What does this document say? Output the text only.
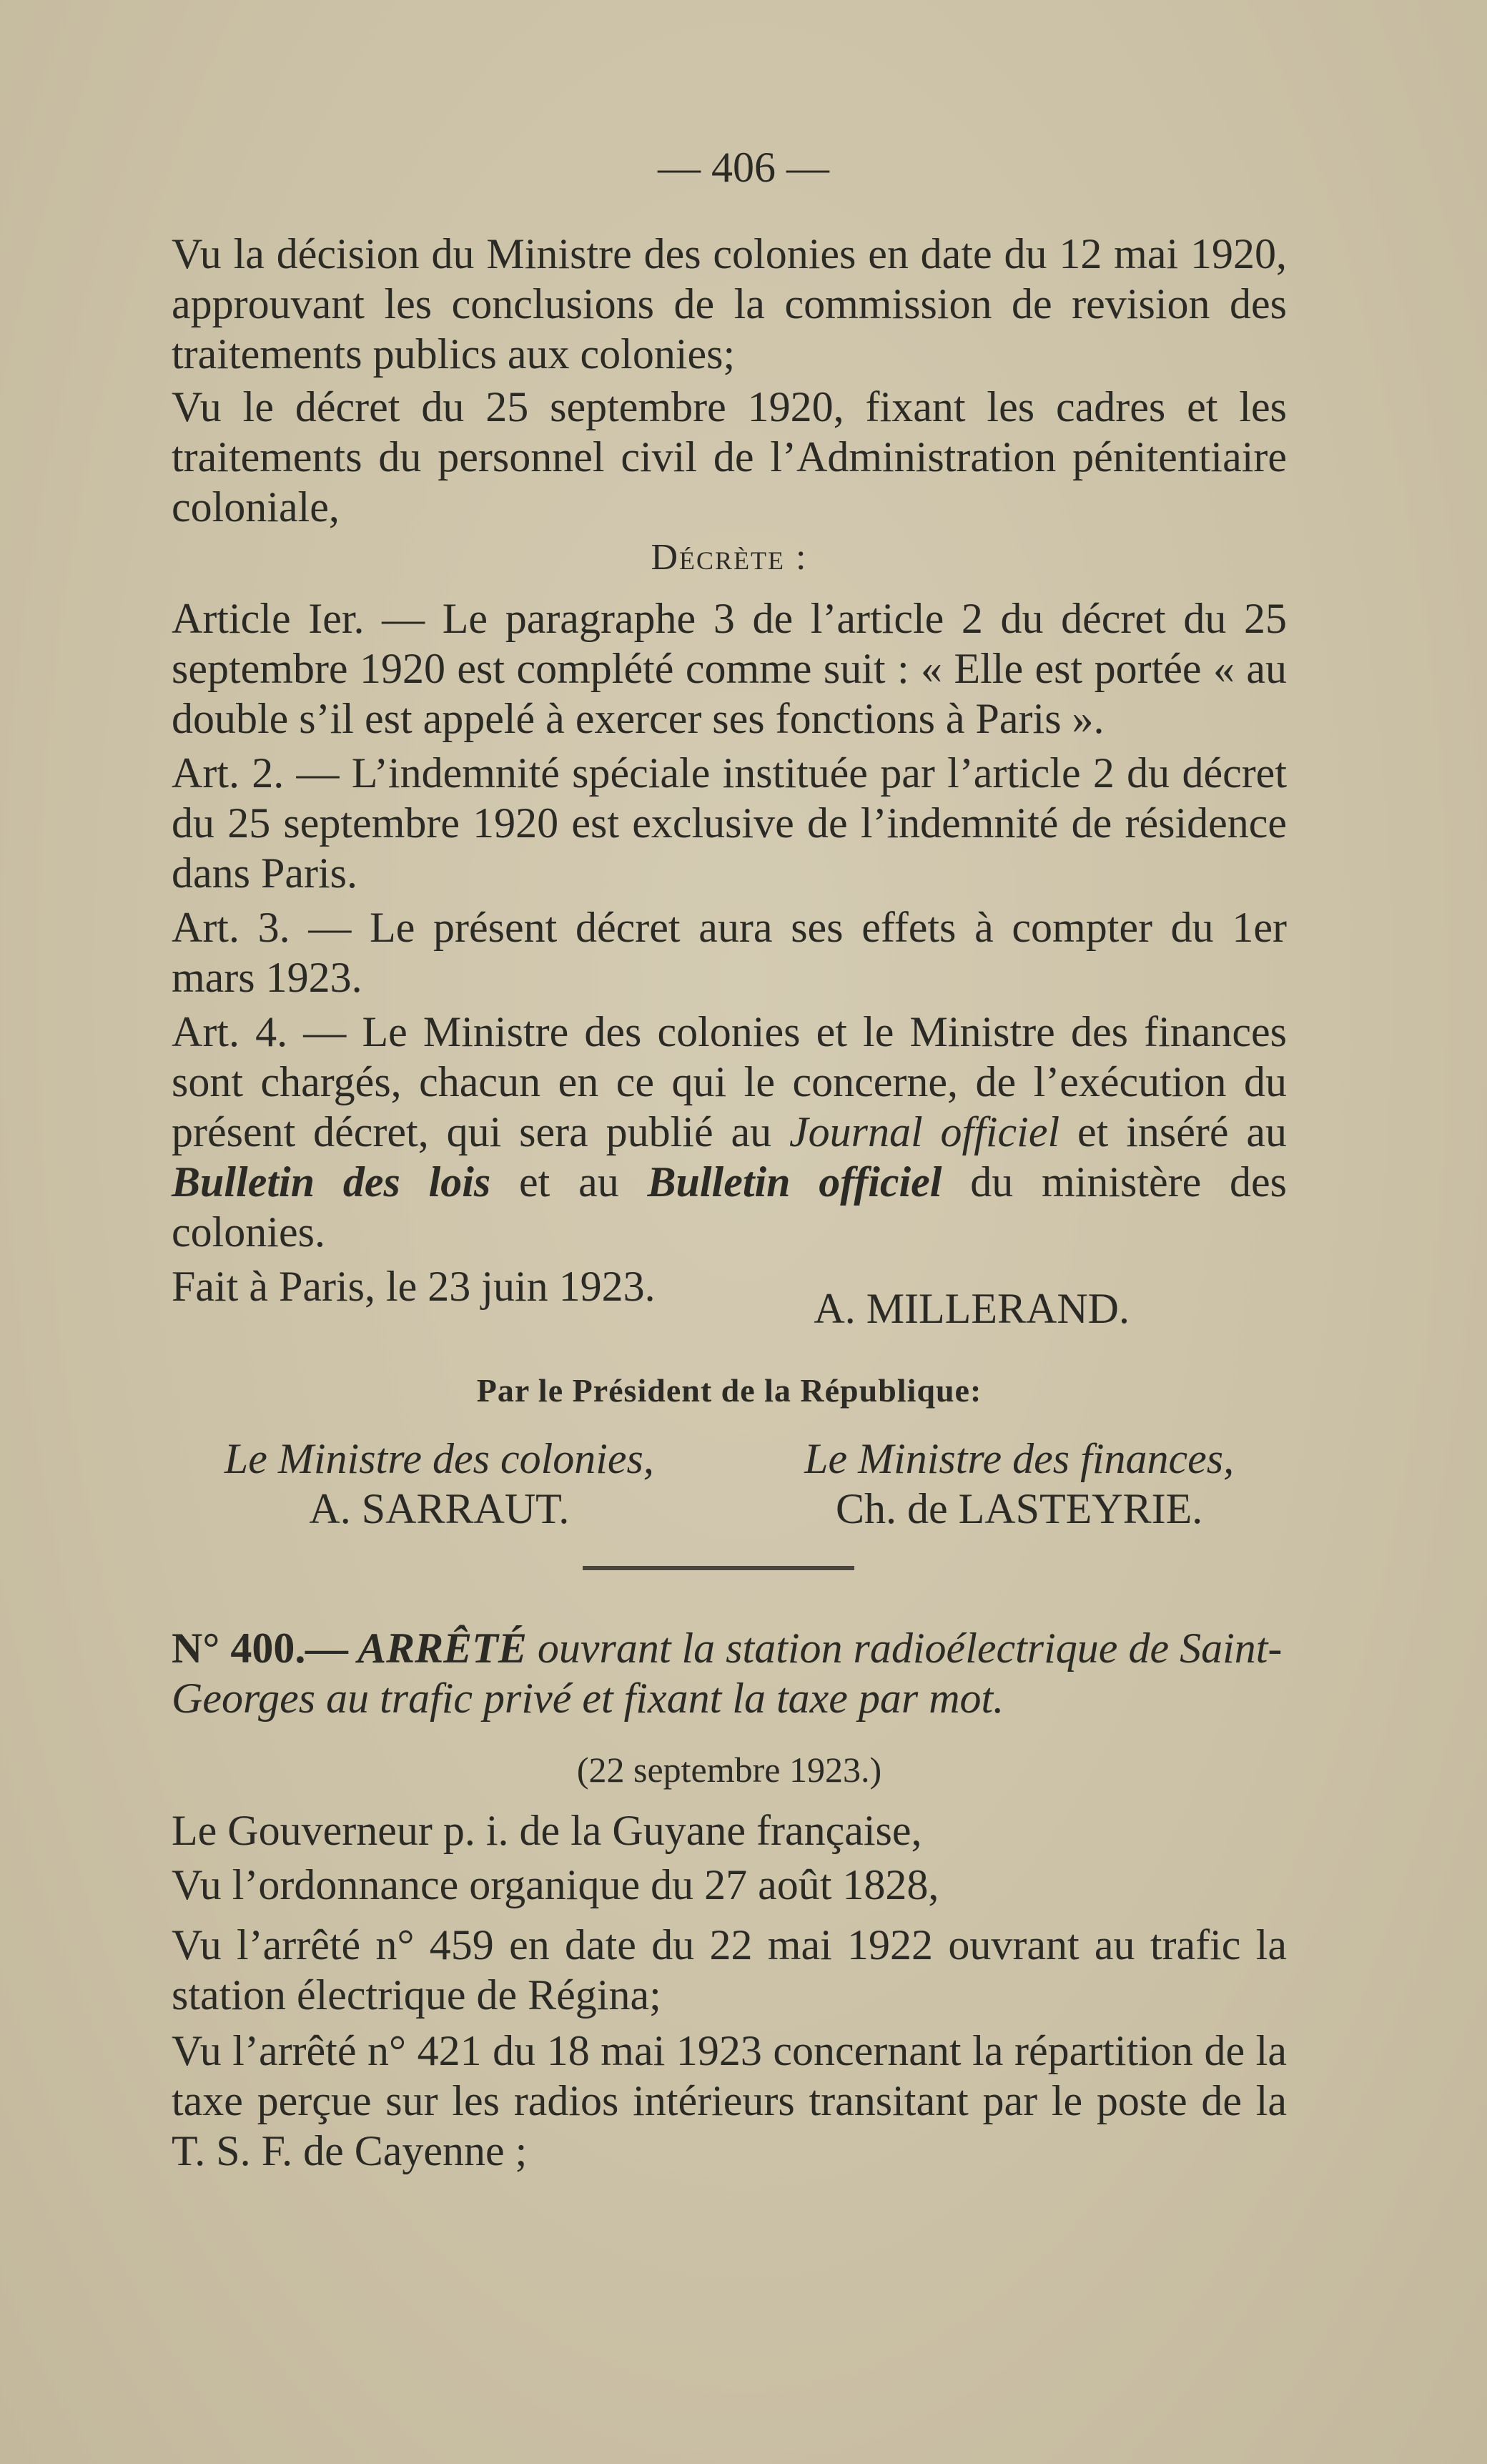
— 406 —

Vu la décision du Ministre des colonies en date du 12 mai 1920, approuvant les conclusions de la commission de revision des traitements publics aux colonies;

Vu le décret du 25 septembre 1920, fixant les cadres et les traitements du personnel civil de l’Administration pénitentiaire coloniale,

Décrète :

Article Ier. — Le paragraphe 3 de l’article 2 du décret du 25 septembre 1920 est complété comme suit : « Elle est portée « au double s’il est appelé à exercer ses fonctions à Paris ».

Art. 2. — L’indemnité spéciale instituée par l’article 2 du décret du 25 septembre 1920 est exclusive de l’indemnité de résidence dans Paris.

Art. 3. — Le présent décret aura ses effets à compter du 1er mars 1923.

Art. 4. — Le Ministre des colonies et le Ministre des finances sont chargés, chacun en ce qui le concerne, de l’exécution du présent décret, qui sera publié au Journal officiel et inséré au Bulletin des lois et au Bulletin officiel du ministère des colonies.

Fait à Paris, le 23 juin 1923.	A. MILLERAND.
Par le Président de la République:
Le Ministre des colonies,
A. SARRAUT.
Le Ministre des finances,
Ch. de LASTEYRIE.

N° 400.— ARRÊTÉ ouvrant la station radioélectrique de Saint-Georges au trafic privé et fixant la taxe par mot.

(22 septembre 1923.)

Le Gouverneur p. i. de la Guyane française,

Vu l’ordonnance organique du 27 août 1828,

Vu l’arrêté n° 459 en date du 22 mai 1922 ouvrant au trafic la station électrique de Régina;

Vu l’arrêté n° 421 du 18 mai 1923 concernant la répartition de la taxe perçue sur les radios intérieurs transitant par le poste de la T. S. F. de Cayenne ;
